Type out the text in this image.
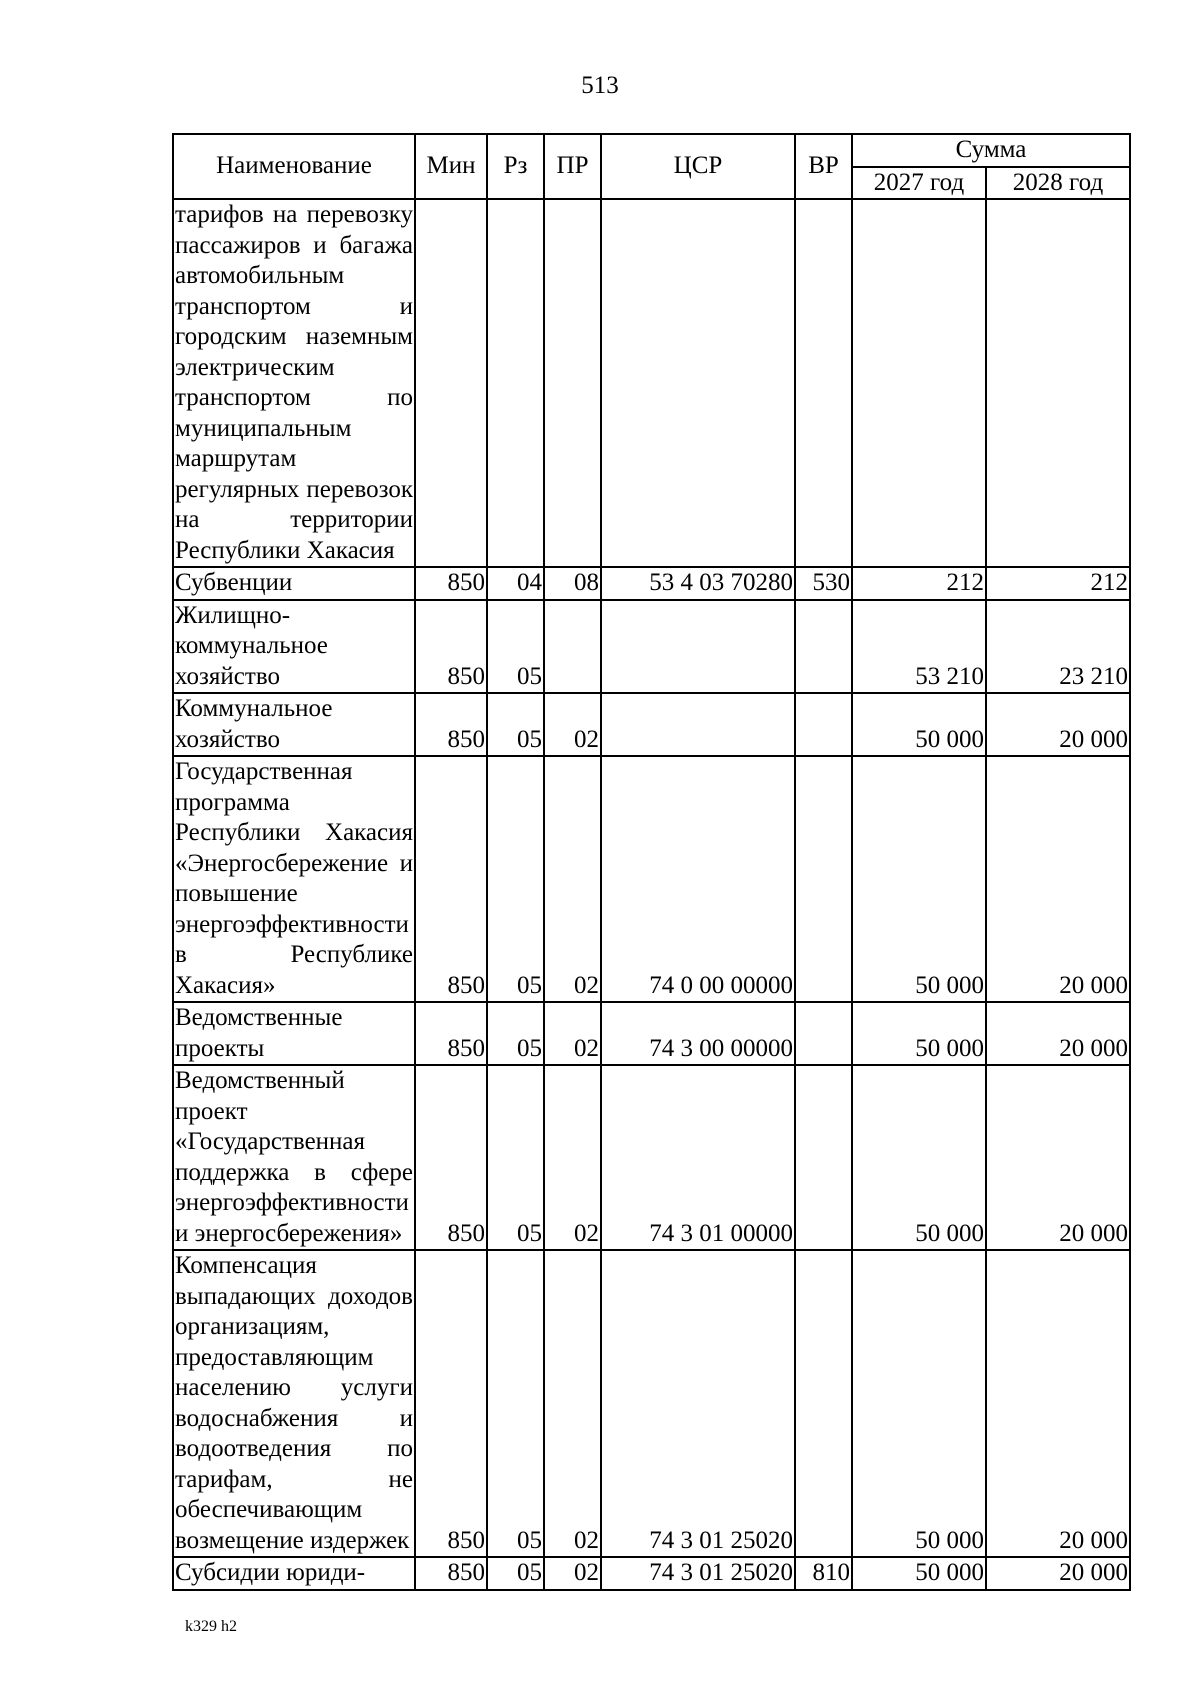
513
Наименование	Мин	Рз	ПР	ЦСР	ВР	Сумма	
						2027 год	2028 год
тарифов на перевозку пассажиров и багажа автомобильным транспортом и городским наземным электрическим транспортом по муниципальным маршрутам регулярных перевозок на территории Республики Хакасия							
Субвенции	850	04	08	53 4 03 70280	530	212	212
Жилищно-коммунальное хозяйство	850	05				53 210	23 210
Коммунальное хозяйство	850	05	02			50 000	20 000
Государственная программа Республики Хакасия «Энергосбережение и повышение энергоэффективности в Республике Хакасия»	850	05	02	74 0 00 00000		50 000	20 000
Ведомственные проекты	850	05	02	74 3 00 00000		50 000	20 000
Ведомственный проект «Государственная поддержка в сфере энергоэффективности и энергосбережения»	850	05	02	74 3 01 00000		50 000	20 000
Компенсация выпадающих доходов организациям, предоставляющим населению услуги водоснабжения и водоотведения по тарифам, не обеспечивающим возмещение издержек	850	05	02	74 3 01 25020		50 000	20 000
Субсидии юриди-	850	05	02	74 3 01 25020	810	50 000	20 000
k329 h2
